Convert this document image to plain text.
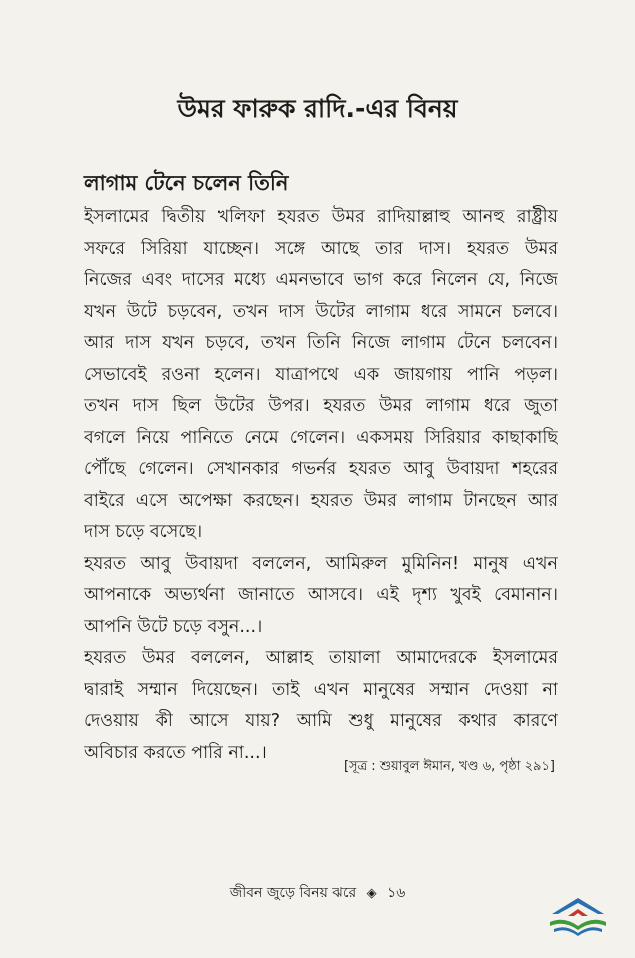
উমর ফারুক রাদি.-এর বিনয়
লাগাম টেনে চলেন তিনি
ইসলামের দ্বিতীয় খলিফা হযরত উমর রাদিয়াল্লাহু আনহু রাষ্ট্রীয়
সফরে সিরিয়া যাচ্ছেন। সঙ্গে আছে তার দাস। হযরত উমর
নিজের এবং দাসের মধ্যে এমনভাবে ভাগ করে নিলেন যে, নিজে
যখন উটে চড়বেন, তখন দাস উটের লাগাম ধরে সামনে চলবে।
আর দাস যখন চড়বে, তখন তিনি নিজে লাগাম টেনে চলবেন।
সেভাবেই রওনা হলেন। যাত্রাপথে এক জায়গায় পানি পড়ল।
তখন দাস ছিল উটের উপর। হযরত উমর লাগাম ধরে জুতা
বগলে নিয়ে পানিতে নেমে গেলেন। একসময় সিরিয়ার কাছাকাছি
পৌঁছে গেলেন। সেখানকার গভর্নর হযরত আবু উবায়দা শহরের
বাইরে এসে অপেক্ষা করছেন। হযরত উমর লাগাম টানছেন আর
দাস চড়ে বসেছে।
হযরত আবু উবায়দা বললেন, আমিরুল মুমিনিন! মানুষ এখন
আপনাকে অভ্যর্থনা জানাতে আসবে। এই দৃশ্য খুবই বেমানান।
আপনি উটে চড়ে বসুন...।
হযরত উমর বললেন, আল্লাহ তায়ালা আমাদেরকে ইসলামের
দ্বারাই সম্মান দিয়েছেন। তাই এখন মানুষের সম্মান দেওয়া না
দেওয়ায় কী আসে যায়? আমি শুধু মানুষের কথার কারণে
অবিচার করতে পারি না...।
[সূত্র : শুয়াবুল ঈমান, খণ্ড ৬, পৃষ্ঠা ২৯১]
জীবন জুড়ে বিনয় ঝরে ◈ ১৬
